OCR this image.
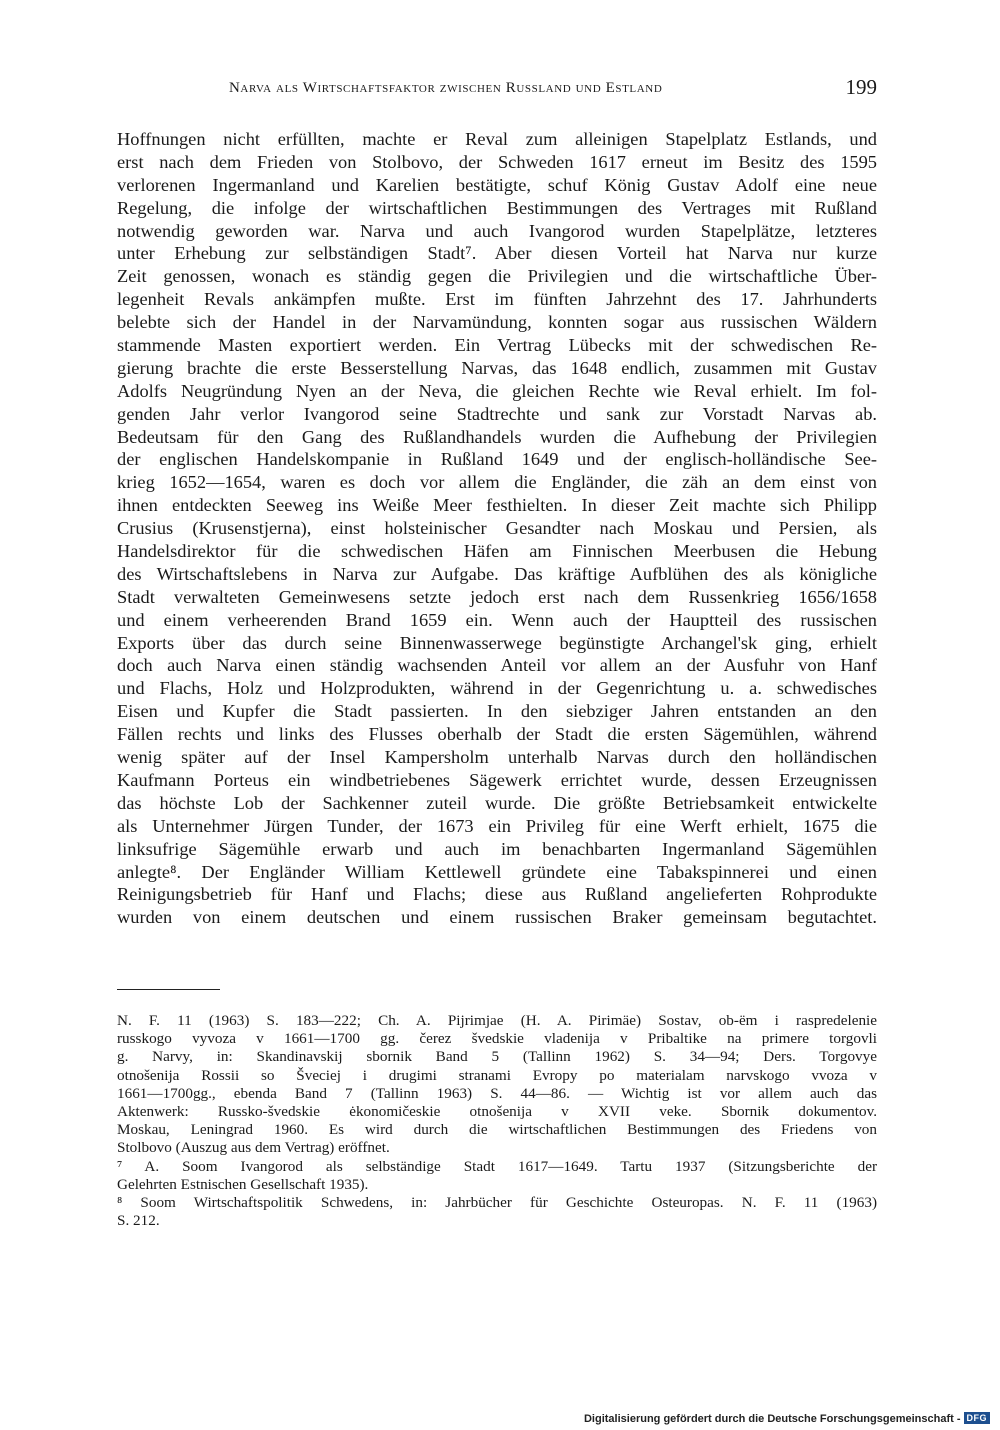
Narva als Wirtschaftsfaktor zwischen Russland und Estland	199
Hoffnungen nicht erfüllten, machte er Reval zum alleinigen Stapelplatz Estlands, und
erst nach dem Frieden von Stolbovo, der Schweden 1617 erneut im Besitz des 1595
verlorenen Ingermanland und Karelien bestätigte, schuf König Gustav Adolf eine neue
Regelung, die infolge der wirtschaftlichen Bestimmungen des Vertrages mit Rußland
notwendig geworden war. Narva und auch Ivangorod wurden Stapelplätze, letzteres
unter Erhebung zur selbständigen Stadt⁷. Aber diesen Vorteil hat Narva nur kurze
Zeit genossen, wonach es ständig gegen die Privilegien und die wirtschaftliche Über-
legenheit Revals ankämpfen mußte. Erst im fünften Jahrzehnt des 17. Jahrhunderts
belebte sich der Handel in der Narvamündung, konnten sogar aus russischen Wäldern
stammende Masten exportiert werden. Ein Vertrag Lübecks mit der schwedischen Re-
gierung brachte die erste Besserstellung Narvas, das 1648 endlich, zusammen mit Gustav
Adolfs Neugründung Nyen an der Neva, die gleichen Rechte wie Reval erhielt. Im fol-
genden Jahr verlor Ivangorod seine Stadtrechte und sank zur Vorstadt Narvas ab.
Bedeutsam für den Gang des Rußlandhandels wurden die Aufhebung der Privilegien
der englischen Handelskompanie in Rußland 1649 und der englisch-holländische See-
krieg 1652—1654, waren es doch vor allem die Engländer, die zäh an dem einst von
ihnen entdeckten Seeweg ins Weiße Meer festhielten. In dieser Zeit machte sich Philipp
Crusius (Krusenstjerna), einst holsteinischer Gesandter nach Moskau und Persien, als
Handelsdirektor für die schwedischen Häfen am Finnischen Meerbusen die Hebung
des Wirtschaftslebens in Narva zur Aufgabe. Das kräftige Aufblühen des als königliche
Stadt verwalteten Gemeinwesens setzte jedoch erst nach dem Russenkrieg 1656/1658
und einem verheerenden Brand 1659 ein. Wenn auch der Hauptteil des russischen
Exports über das durch seine Binnenwasserwege begünstigte Archangel'sk ging, erhielt
doch auch Narva einen ständig wachsenden Anteil vor allem an der Ausfuhr von Hanf
und Flachs, Holz und Holzprodukten, während in der Gegenrichtung u. a. schwedisches
Eisen und Kupfer die Stadt passierten. In den siebziger Jahren entstanden an den
Fällen rechts und links des Flusses oberhalb der Stadt die ersten Sägemühlen, während
wenig später auf der Insel Kampersholm unterhalb Narvas durch den holländischen
Kaufmann Porteus ein windbetriebenes Sägewerk errichtet wurde, dessen Erzeugnissen
das höchste Lob der Sachkenner zuteil wurde. Die größte Betriebsamkeit entwickelte
als Unternehmer Jürgen Tunder, der 1673 ein Privileg für eine Werft erhielt, 1675 die
linksufrige Sägemühle erwarb und auch im benachbarten Ingermanland Sägemühlen
anlegte⁸. Der Engländer William Kettlewell gründete eine Tabakspinnerei und einen
Reinigungsbetrieb für Hanf und Flachs; diese aus Rußland angelieferten Rohprodukte
wurden von einem deutschen und einem russischen Braker gemeinsam begutachtet.
N. F. 11 (1963) S. 183—222; Ch. A. Pijrimjae (H. A. Pirimäe) Sostav, ob-ëm i raspredelenie
russkogo vyvoza v 1661—1700 gg. čerez švedskie vladenija v Pribaltike na primere torgovli
g. Narvy, in: Skandinavskij sbornik Band 5 (Tallinn 1962) S. 34—94; Ders. Torgovye
otnošenija Rossii so Šveciej i drugimi stranami Evropy po materialam narvskogo vvoza v
1661—1700gg., ebenda Band 7 (Tallinn 1963) S. 44—86. — Wichtig ist vor allem auch das
Aktenwerk: Russko-švedskie ėkonomičeskie otnošenija v XVII veke. Sbornik dokumentov.
Moskau, Leningrad 1960. Es wird durch die wirtschaftlichen Bestimmungen des Friedens von
Stolbovo (Auszug aus dem Vertrag) eröffnet.
⁷ A. Soom Ivangorod als selbständige Stadt 1617—1649. Tartu 1937 (Sitzungsberichte der
Gelehrten Estnischen Gesellschaft 1935).
⁸ Soom Wirtschaftspolitik Schwedens, in: Jahrbücher für Geschichte Osteuropas. N. F. 11 (1963)
S. 212.
Digitalisierung gefördert durch die Deutsche Forschungsgemeinschaft - DFG
